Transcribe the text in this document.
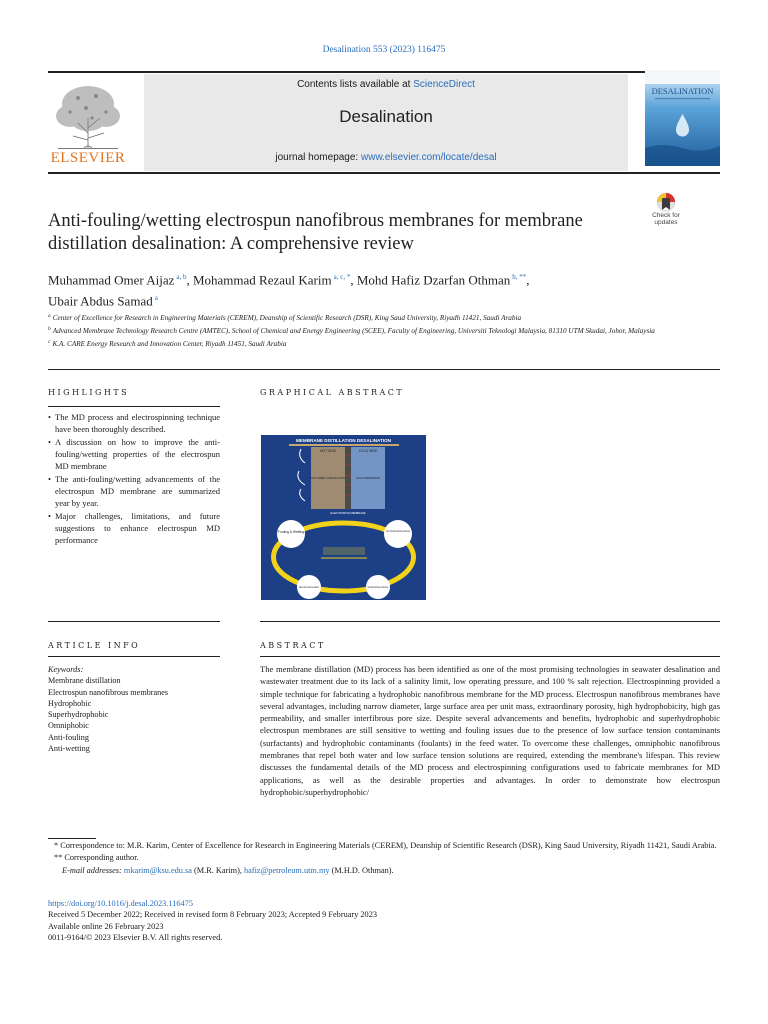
Desalination 553 (2023) 116475
ELSEVIER
Contents lists available at ScienceDirect
Desalination
journal homepage: www.elsevier.com/locate/desal
DESALINATION
Anti-fouling/wetting electrospun nanofibrous membranes for membrane distillation desalination: A comprehensive review
Check for
updates
Muhammad Omer Aijaz $^{a, b}$, Mohammad Rezaul Karim $^{a, c, *}$, Mohd Hafiz Dzarfan Othman $^{b, **}$,
Ubair Abdus Samad $^a$
$^a$ Center of Excellence for Research in Engineering Materials (CEREM), Deanship of Scientific Research (DSR), King Saud University, Riyadh 11421, Saudi Arabia
$^b$ Advanced Membrane Technology Research Centre (AMTEC), School of Chemical and Energy Engineering (SCEE), Faculty of Engineering, Universiti Teknologi Malaysia, 81310 UTM Skudai, Johor, Malaysia
$^c$ K.A. CARE Energy Research and Innovation Center, Riyadh 11451, Saudi Arabia
HIGHLIGHTS
• The MD process and electrospinning technique have been thoroughly described.
• A discussion on how to improve the anti-fouling/wetting properties of the electrospun MD membrane
• The anti-fouling/wetting advancements of the electrospun MD membrane are summarized year by year.
• Major challenges, limitations, and future suggestions to enhance electrospun MD performance
GRAPHICAL ABSTRACT
MEMBRANE DISTILLATION DESALINATION
HOT SIDE	COLD SIDE
HOT FEED CIRCULATION	COLD PERMEATE
ELECTROSPUN MEMBRANE
Fouling & Wetting	Super/ Omniphobic Electrospun Membrane
Environmental	Hydrophobic Electrospun Membrane
ARTICLE INFO	ABSTRACT
Keywords:
Membrane distillation
Electrospun nanofibrous membranes
Hydrophobic
Superhydrophobic
Omniphobic
Anti-fouling
Anti-wetting
The membrane distillation (MD) process has been identified as one of the most promising technologies in seawater desalination and wastewater treatment due to its lack of a salinity limit, low operating pressure, and 100 % salt rejection. Electrospinning provided a simple technique for fabricating a hydrophobic nanofibrous membrane for the MD process. Electrospun nanofibrous membranes have several advantages, including narrow diameter, large surface area per unit mass, extraordinary porosity, high hydrophobicity, high gas permeability, and smaller interfibrous pore size. Despite several advancements and benefits, hydrophobic and superhydrophobic electrospun membranes are still sensitive to wetting and fouling issues due to the presence of low surface tension contaminants (surfactants) and hydrophobic contaminants (foulants) in the feed water. To overcome these challenges, omniphobic nanofibrous membranes that repel both water and low surface tension solutions are required, extending the membrane's lifespan. This review discusses the fundamental details of the MD process and electrospinning configurations used to fabricate membranes for MD applications, as well as the desirable properties and advantages. In order to demonstrate how electrospun hydrophobic/superhydrophobic/
* Correspondence to: M.R. Karim, Center of Excellence for Research in Engineering Materials (CEREM), Deanship of Scientific Research (DSR), King Saud University, Riyadh 11421, Saudi Arabia.
** Corresponding author.
E-mail addresses: mkarim@ksu.edu.sa (M.R. Karim), hafiz@petroleum.utm.my (M.H.D. Othman).
https://doi.org/10.1016/j.desal.2023.116475
Received 5 December 2022; Received in revised form 8 February 2023; Accepted 9 February 2023
Available online 26 February 2023
0011-9164/© 2023 Elsevier B.V. All rights reserved.
